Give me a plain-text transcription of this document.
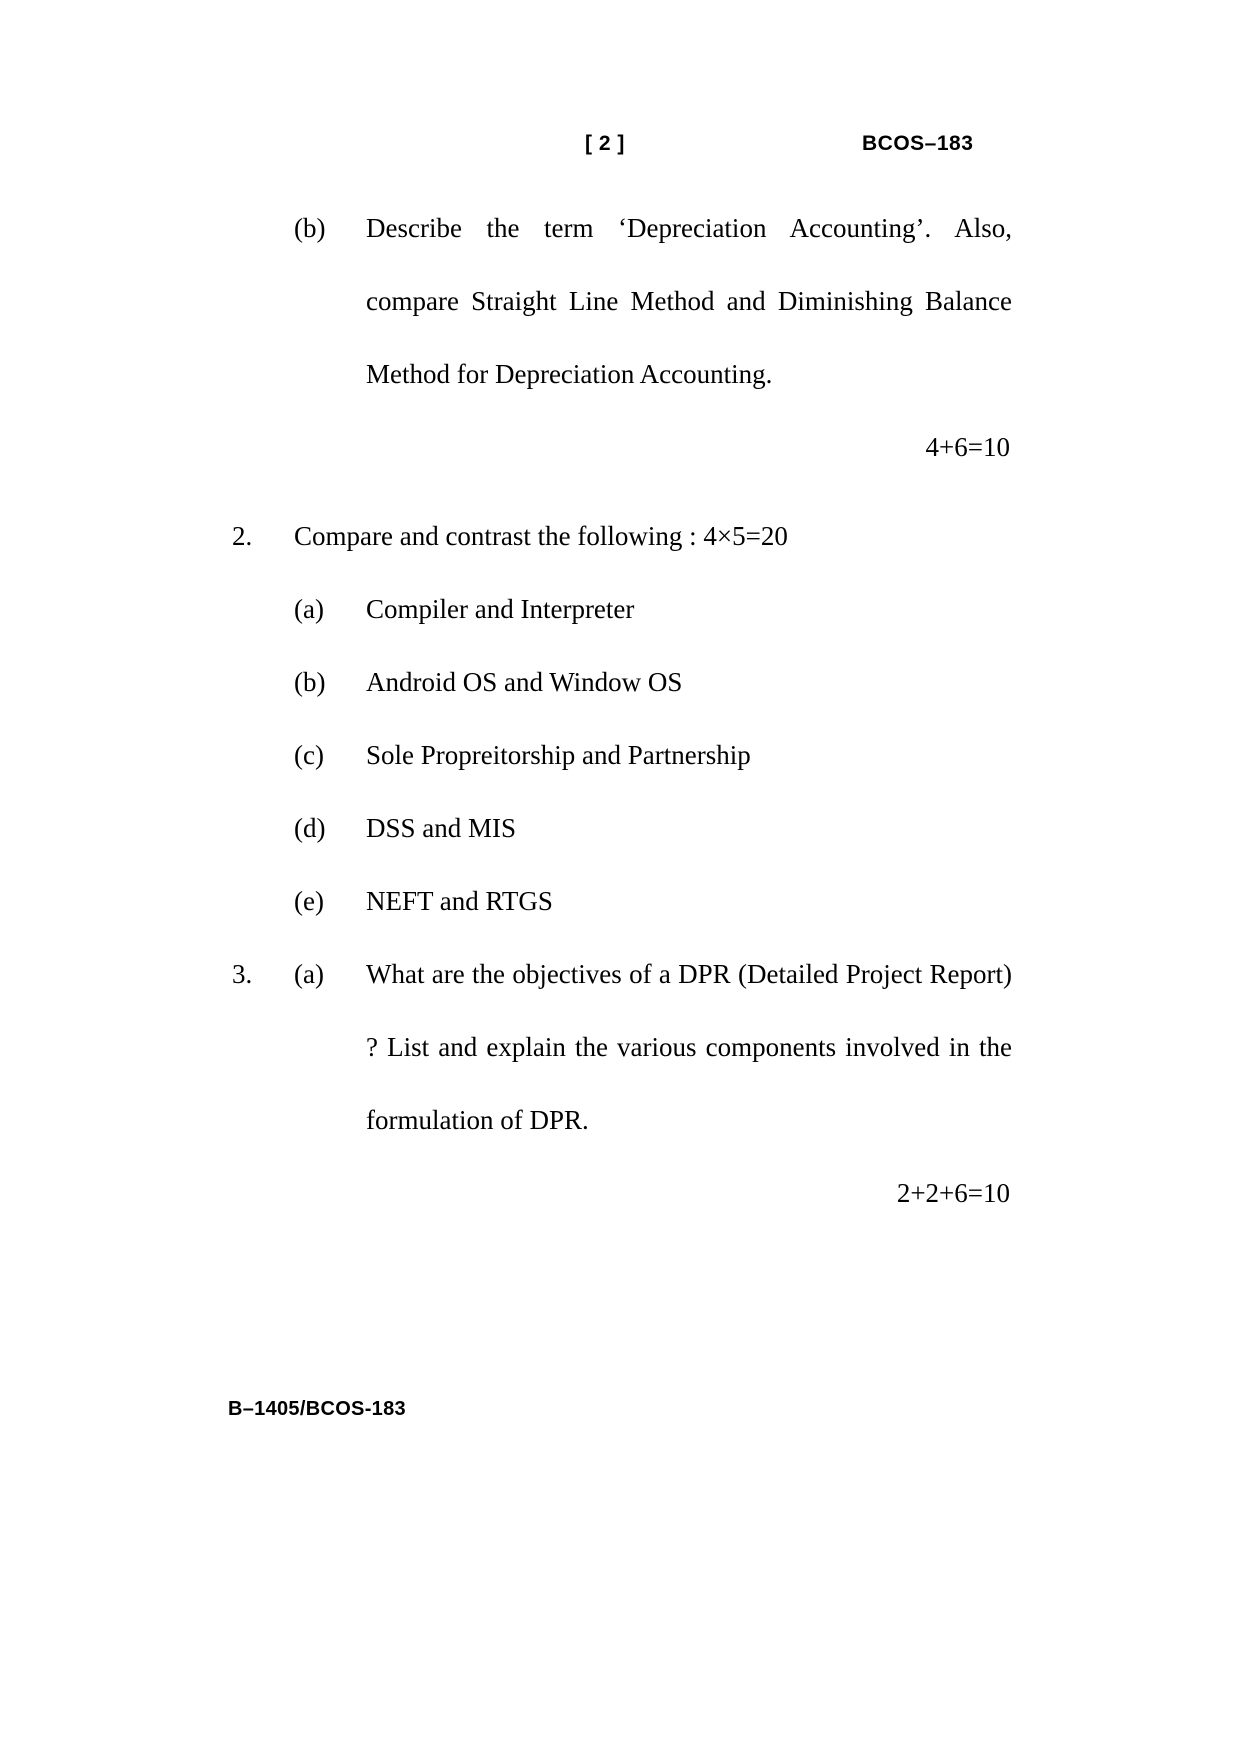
[ 2 ]	BCOS–183
(b)	Describe the term ‘Depreciation Accounting’. Also, compare Straight Line Method and Diminishing Balance Method for Depreciation Accounting.
4+6=10
2.	Compare and contrast the following : 4×5=20
(a)	Compiler and Interpreter
(b)	Android OS and Window OS
(c)	Sole Propreitorship and Partnership
(d)	DSS and MIS
(e)	NEFT and RTGS
3.	(a)	What are the objectives of a DPR (Detailed Project Report) ? List and explain the various components involved in the formulation of DPR.
2+2+6=10
B–1405/BCOS-183
